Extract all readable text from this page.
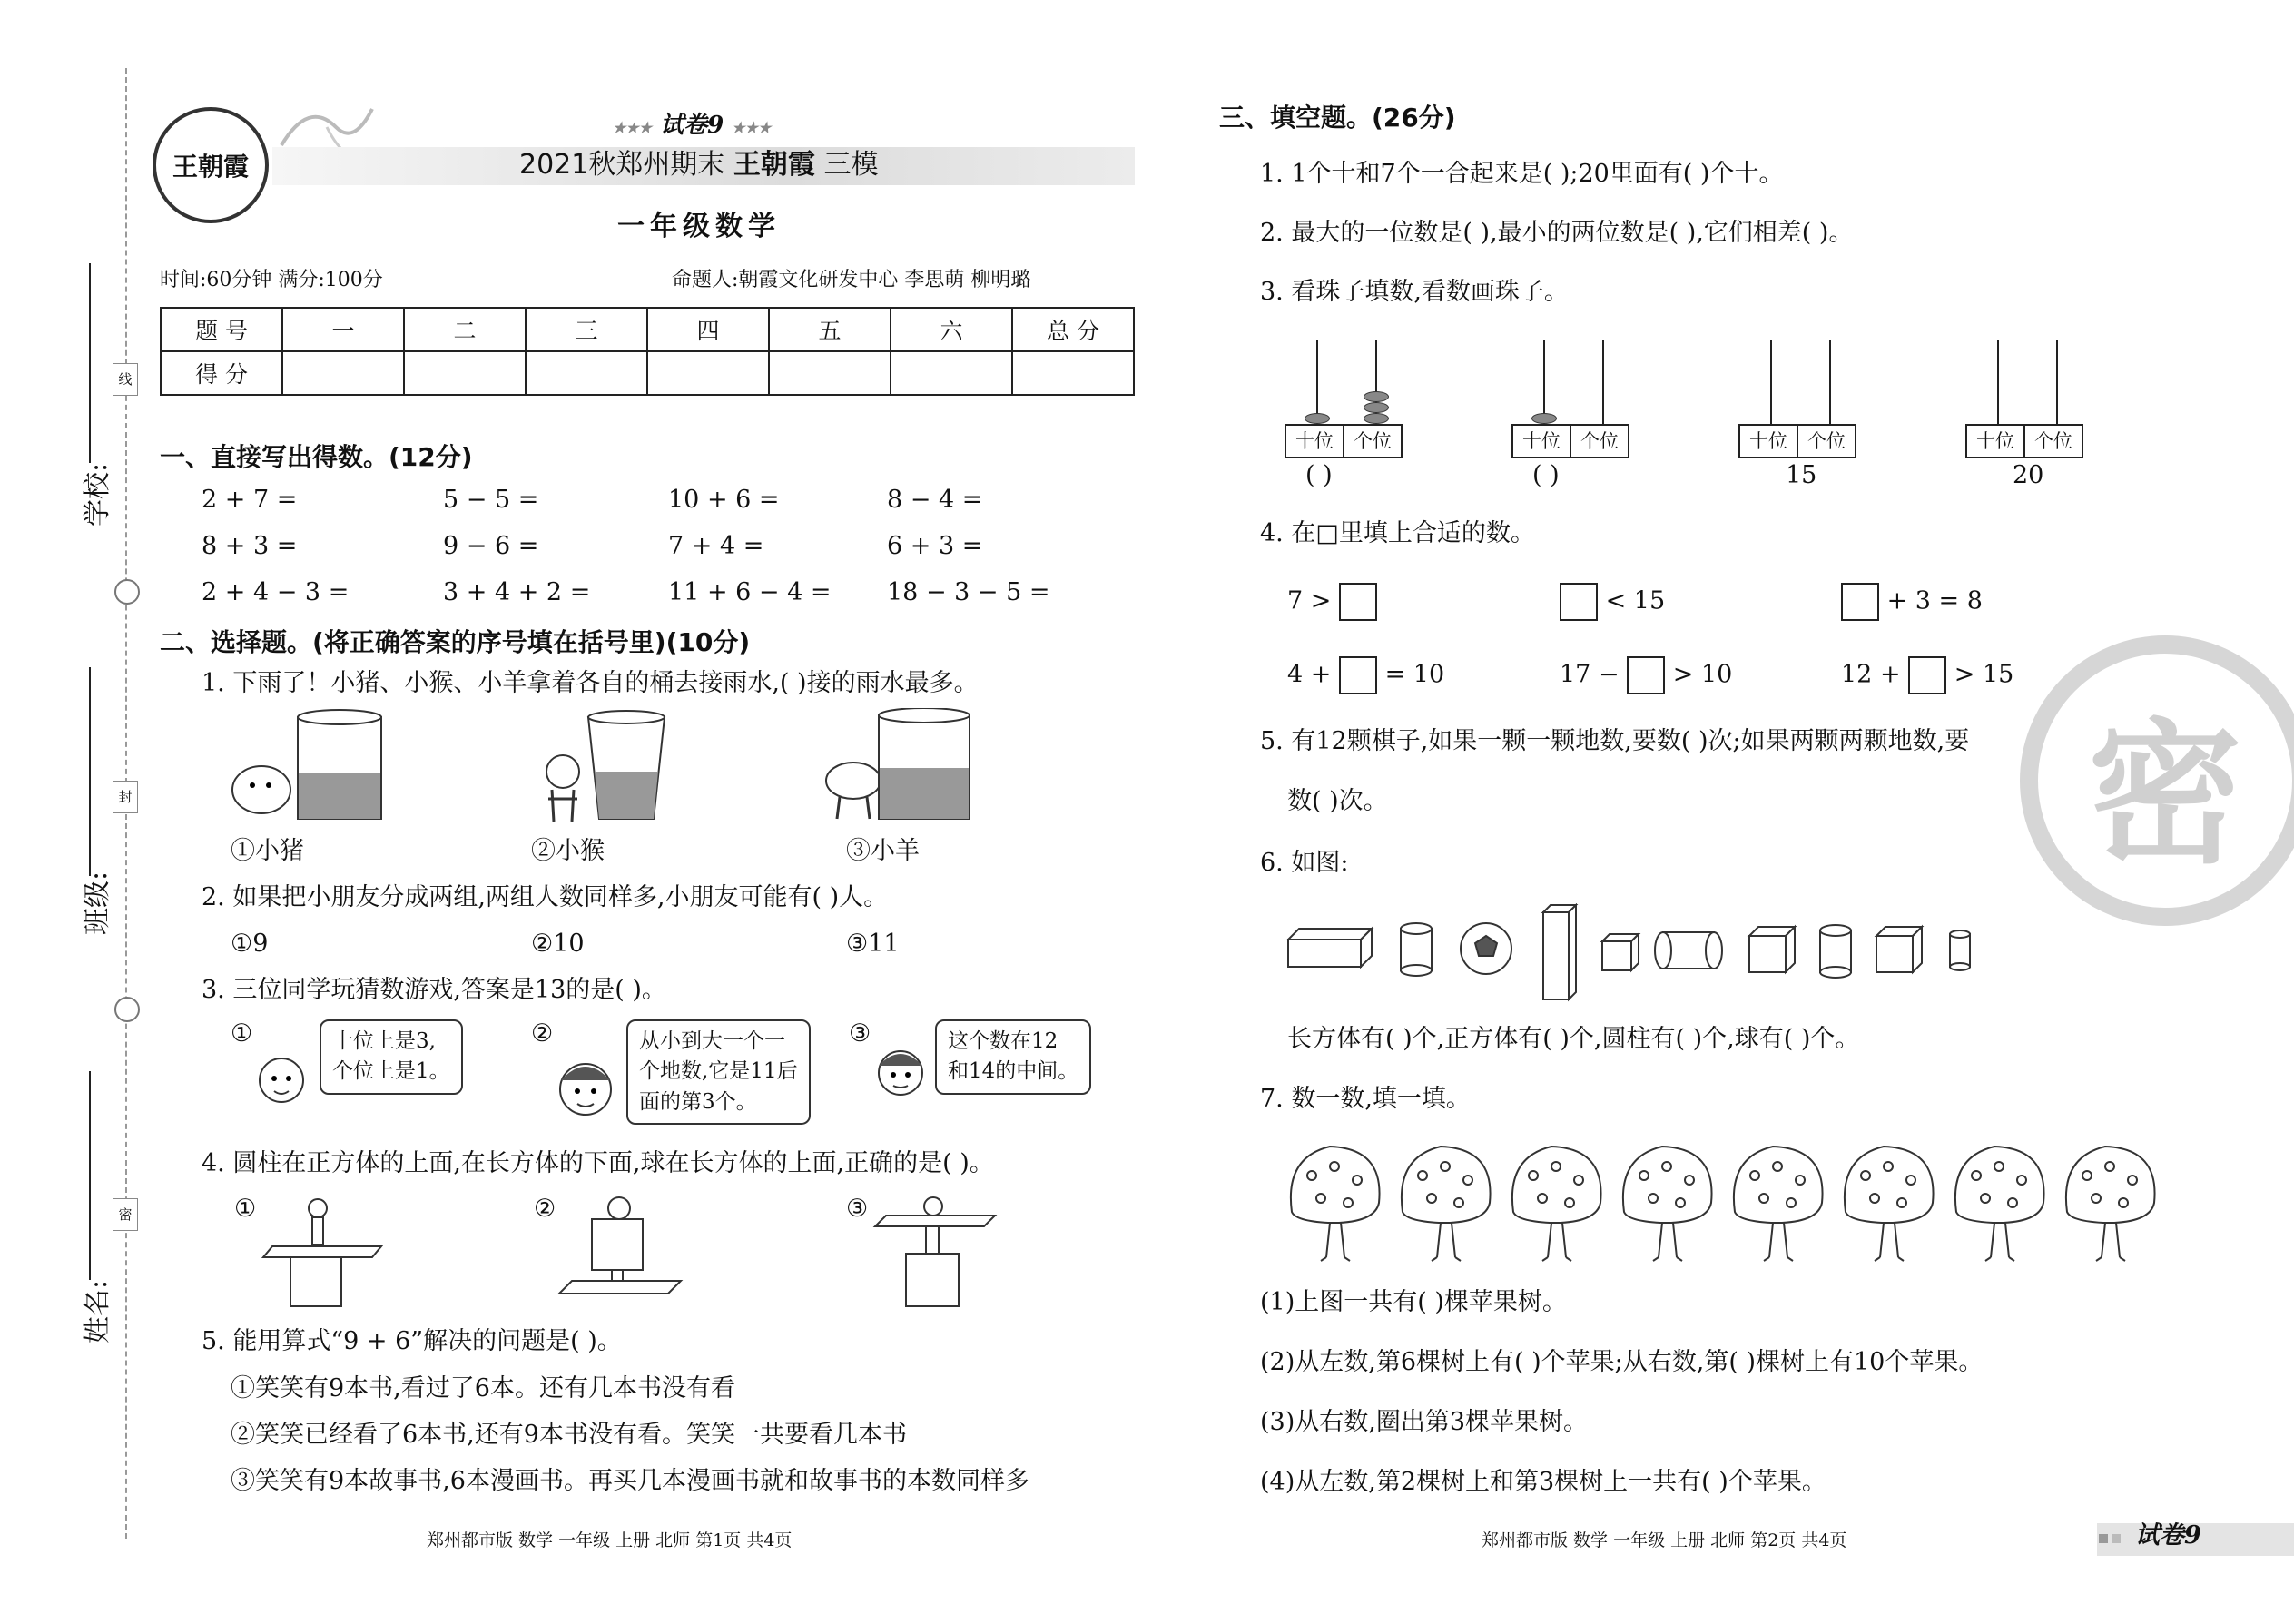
线
封
密
学校:
班级:
姓名:
王朝霞
★★★ 试卷9 ★★★
2021秋郑州期末 王朝霞 三模
一年级数学
时间:60分钟 满分:100分	命题人:朝霞文化研发中心 李思萌 柳明璐
题 号	一	二	三	四	五	六	总 分
得 分							
一、直接写出得数。(12分)
2 + 7 =	5 − 5 =	10 + 6 =	8 − 4 =
8 + 3 =	9 − 6 =	7 + 4 =	6 + 3 =
2 + 4 − 3 =	3 + 4 + 2 =	11 + 6 − 4 = 18 − 3 − 5 =
二、选择题。(将正确答案的序号填在括号里)(10分)
1. 下雨了！小猪、小猴、小羊拿着各自的桶去接雨水,( )接的雨水最多。
①小猪	②小猴	③小羊
2. 如果把小朋友分成两组,两组人数同样多,小朋友可能有( )人。
①9	②10	③11
3. 三位同学玩猜数游戏,答案是13的是( )。
①	②	③
十位上是3,
个位上是1。
从小到大一个一
个地数,它是11后
面的第3个。
这个数在12
和14的中间。
4. 圆柱在正方体的上面,在长方体的下面,球在长方体的上面,正确的是( )。
①	②	③
5. 能用算式“9 + 6”解决的问题是( )。
①笑笑有9本书,看过了6本。还有几本书没有看
②笑笑已经看了6本书,还有9本书没有看。笑笑一共要看几本书
③笑笑有9本故事书,6本漫画书。再买几本漫画书就和故事书的本数同样多
郑州都市版 数学 一年级 上册 北师 第1页 共4页
密
三、填空题。(26分)
1. 1个十和7个一合起来是( );20里面有( )个十。
2. 最大的一位数是( ),最小的两位数是( ),它们相差( )。
3. 看珠子填数,看数画珠子。
十位	个位
( )
十位	个位
( )
十位	个位
15
十位	个位
20
4. 在□里填上合适的数。
7 >	< 15	+ 3 = 8
4 + = 10	17 − > 10	12 + > 15
5. 有12颗棋子,如果一颗一颗地数,要数( )次;如果两颗两颗地数,要
数( )次。
6. 如图:
长方体有( )个,正方体有( )个,圆柱有( )个,球有( )个。
7. 数一数,填一填。
(1)上图一共有( )棵苹果树。
(2)从左数,第6棵树上有( )个苹果;从右数,第( )棵树上有10个苹果。
(3)从右数,圈出第3棵苹果树。
(4)从左数,第2棵树上和第3棵树上一共有( )个苹果。
郑州都市版 数学 一年级 上册 北师 第2页 共4页	试卷9
